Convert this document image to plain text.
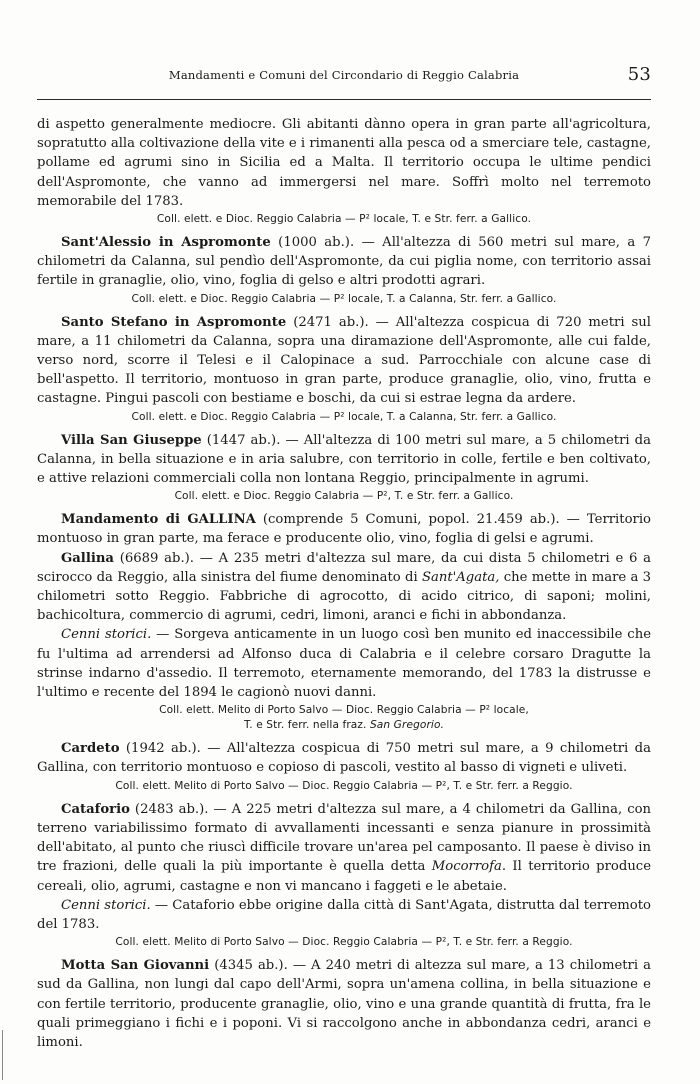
Mandamenti e Comuni del Circondario di Reggio Calabria	53

di aspetto generalmente mediocre. Gli abitanti dànno opera in gran parte all'agricoltura, sopratutto alla coltivazione della vite e i rimanenti alla pesca od a smerciare tele, castagne, pollame ed agrumi sino in Sicilia ed a Malta. Il territorio occupa le ultime pendici dell'Aspromonte, che vanno ad immergersi nel mare. Soffrì molto nel terremoto memorabile del 1783.

Coll. elett. e Dioc. Reggio Calabria — P² locale, T. e Str. ferr. a Gallico.

Sant'Alessio in Aspromonte (1000 ab.). — All'altezza di 560 metri sul mare, a 7 chilometri da Calanna, sul pendìo dell'Aspromonte, da cui piglia nome, con territorio assai fertile in granaglie, olio, vino, foglia di gelso e altri prodotti agrari.

Coll. elett. e Dioc. Reggio Calabria — P² locale, T. a Calanna, Str. ferr. a Gallico.

Santo Stefano in Aspromonte (2471 ab.). — All'altezza cospicua di 720 metri sul mare, a 11 chilometri da Calanna, sopra una diramazione dell'Aspromonte, alle cui falde, verso nord, scorre il Telesi e il Calopinace a sud. Parrocchiale con alcune case di bell'aspetto. Il territorio, montuoso in gran parte, produce granaglie, olio, vino, frutta e castagne. Pingui pascoli con bestiame e boschi, da cui si estrae legna da ardere.

Coll. elett. e Dioc. Reggio Calabria — P² locale, T. a Calanna, Str. ferr. a Gallico.

Villa San Giuseppe (1447 ab.). — All'altezza di 100 metri sul mare, a 5 chilometri da Calanna, in bella situazione e in aria salubre, con territorio in colle, fertile e ben coltivato, e attive relazioni commerciali colla non lontana Reggio, principalmente in agrumi.

Coll. elett. e Dioc. Reggio Calabria — P², T. e Str. ferr. a Gallico.

Mandamento di GALLINA (comprende 5 Comuni, popol. 21.459 ab.). — Territorio montuoso in gran parte, ma ferace e producente olio, vino, foglia di gelsi e agrumi.

Gallina (6689 ab.). — A 235 metri d'altezza sul mare, da cui dista 5 chilometri e 6 a scirocco da Reggio, alla sinistra del fiume denominato di Sant'Agata, che mette in mare a 3 chilometri sotto Reggio. Fabbriche di agrocotto, di acido citrico, di saponi; molini, bachicoltura, commercio di agrumi, cedri, limoni, aranci e fichi in abbondanza.

Cenni storici. — Sorgeva anticamente in un luogo così ben munito ed inaccessibile che fu l'ultima ad arrendersi ad Alfonso duca di Calabria e il celebre corsaro Dragutte la strinse indarno d'assedio. Il terremoto, eternamente memorando, del 1783 la distrusse e l'ultimo e recente del 1894 le cagionò nuovi danni.

Coll. elett. Melito di Porto Salvo — Dioc. Reggio Calabria — P² locale,
T. e Str. ferr. nella fraz. San Gregorio.

Cardeto (1942 ab.). — All'altezza cospicua di 750 metri sul mare, a 9 chilometri da Gallina, con territorio montuoso e copioso di pascoli, vestito al basso di vigneti e uliveti.

Coll. elett. Melito di Porto Salvo — Dioc. Reggio Calabria — P², T. e Str. ferr. a Reggio.

Cataforio (2483 ab.). — A 225 metri d'altezza sul mare, a 4 chilometri da Gallina, con terreno variabilissimo formato di avvallamenti incessanti e senza pianure in prossimità dell'abitato, al punto che riuscì difficile trovare un'area pel camposanto. Il paese è diviso in tre frazioni, delle quali la più importante è quella detta Mocorrofa. Il territorio produce cereali, olio, agrumi, castagne e non vi mancano i faggeti e le abetaie.

Cenni storici. — Cataforio ebbe origine dalla città di Sant'Agata, distrutta dal terremoto del 1783.

Coll. elett. Melito di Porto Salvo — Dioc. Reggio Calabria — P², T. e Str. ferr. a Reggio.

Motta San Giovanni (4345 ab.). — A 240 metri di altezza sul mare, a 13 chilometri a sud da Gallina, non lungi dal capo dell'Armi, sopra un'amena collina, in bella situazione e con fertile territorio, producente granaglie, olio, vino e una grande quantità di frutta, fra le quali primeggiano i fichi e i poponi. Vi si raccolgono anche in abbondanza cedri, aranci e limoni.
